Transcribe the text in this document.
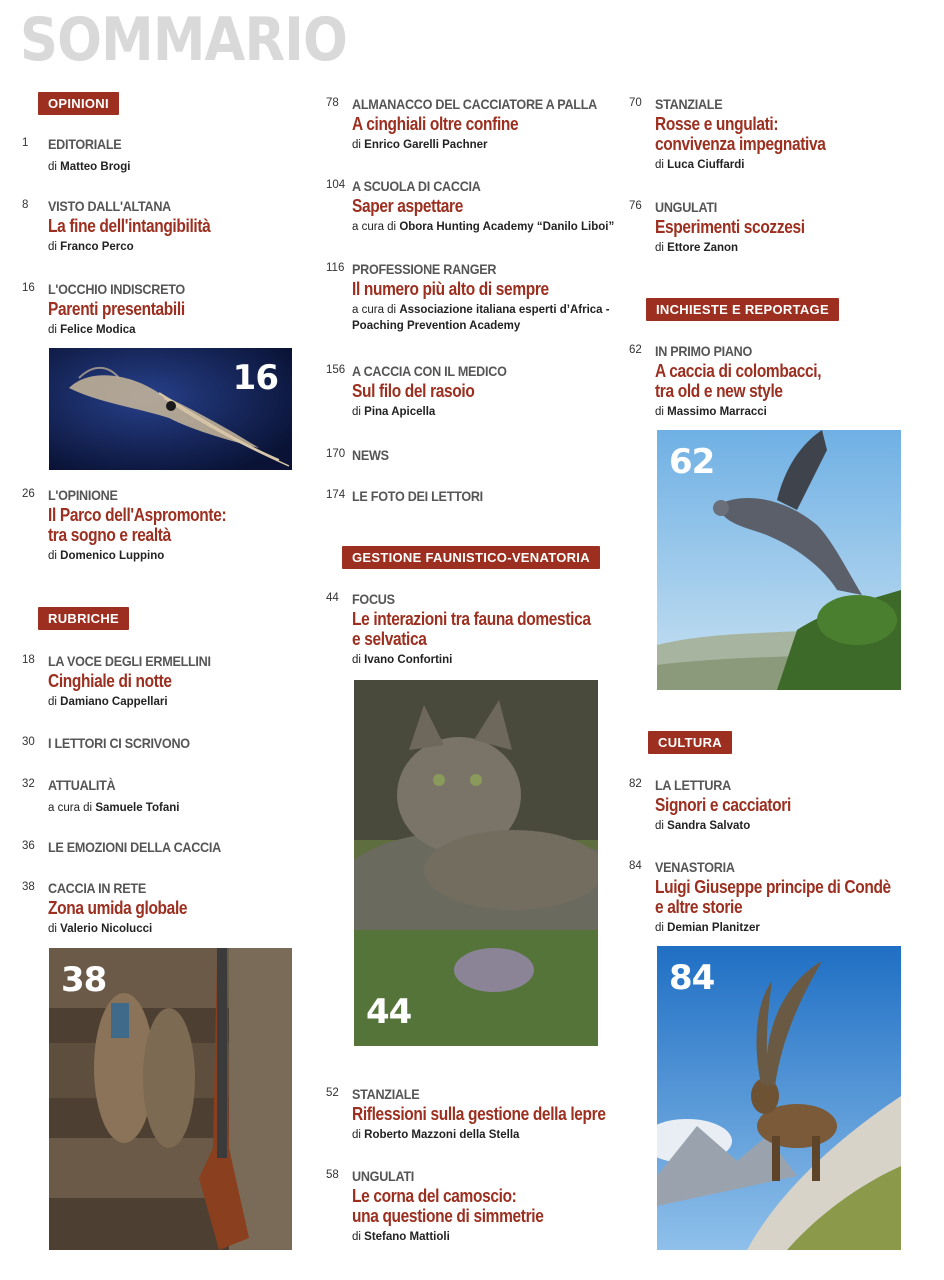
SOMMARIO
OPINIONI
1 EDITORIALE
di Matteo Brogi
8 VISTO DALL'ALTANA
La fine dell'intangibilità
di Franco Perco
16 L'OCCHIO INDISCRETO
Parenti presentabili
di Felice Modica
16
26 L'OPINIONE
Il Parco dell'Aspromonte:
tra sogno e realtà
di Domenico Luppino
RUBRICHE
18 LA VOCE DEGLI ERMELLINI
Cinghiale di notte
di Damiano Cappellari
30 I LETTORI CI SCRIVONO
32 ATTUALITÀ
a cura di Samuele Tofani
36 LE EMOZIONI DELLA CACCIA
38 CACCIA IN RETE
Zona umida globale
di Valerio Nicolucci
38
78 ALMANACCO DEL CACCIATORE A PALLA
A cinghiali oltre confine
di Enrico Garelli Pachner
104 A SCUOLA DI CACCIA
Saper aspettare
a cura di Obora Hunting Academy “Danilo Liboi”
116 PROFESSIONE RANGER
Il numero più alto di sempre
a cura di Associazione italiana esperti d’Africa -
Poaching Prevention Academy
156 A CACCIA CON IL MEDICO
Sul filo del rasoio
di Pina Apicella
170 NEWS
174 LE FOTO DEI LETTORI
GESTIONE FAUNISTICO-VENATORIA
44 FOCUS
Le interazioni tra fauna domestica
e selvatica
di Ivano Confortini
44
52 STANZIALE
Riflessioni sulla gestione della lepre
di Roberto Mazzoni della Stella
58 UNGULATI
Le corna del camoscio:
una questione di simmetrie
di Stefano Mattioli
70 STANZIALE
Rosse e ungulati:
convivenza impegnativa
di Luca Ciuffardi
76 UNGULATI
Esperimenti scozzesi
di Ettore Zanon
INCHIESTE E REPORTAGE
62 IN PRIMO PIANO
A caccia di colombacci,
tra old e new style
di Massimo Marracci
62
CULTURA
82 LA LETTURA
Signori e cacciatori
di Sandra Salvato
84 VENASTORIA
Luigi Giuseppe principe di Condè
e altre storie
di Demian Planitzer
84
